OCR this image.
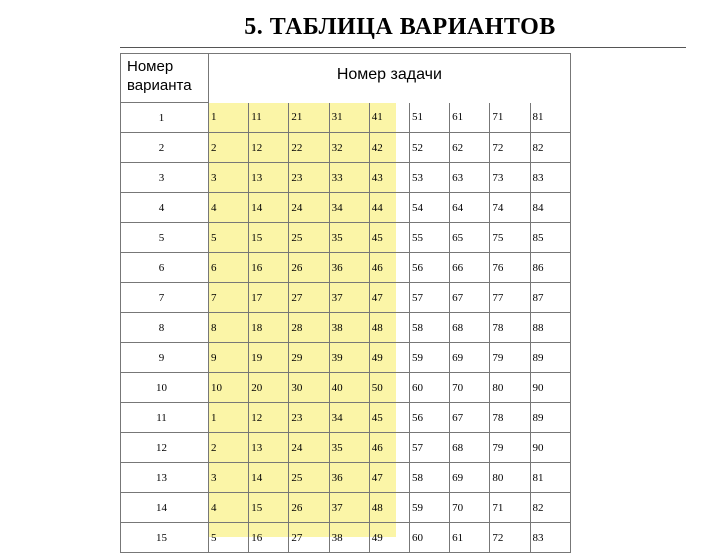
5. ТАБЛИЦА ВАРИАНТОВ
Номер варианта	Номер задачи								
1	1	11	21	31	41	51	61	71	81
2	2	12	22	32	42	52	62	72	82
3	3	13	23	33	43	53	63	73	83
4	4	14	24	34	44	54	64	74	84
5	5	15	25	35	45	55	65	75	85
6	6	16	26	36	46	56	66	76	86
7	7	17	27	37	47	57	67	77	87
8	8	18	28	38	48	58	68	78	88
9	9	19	29	39	49	59	69	79	89
10	10	20	30	40	50	60	70	80	90
11	1	12	23	34	45	56	67	78	89
12	2	13	24	35	46	57	68	79	90
13	3	14	25	36	47	58	69	80	81
14	4	15	26	37	48	59	70	71	82
15	5	16	27	38	49	60	61	72	83
